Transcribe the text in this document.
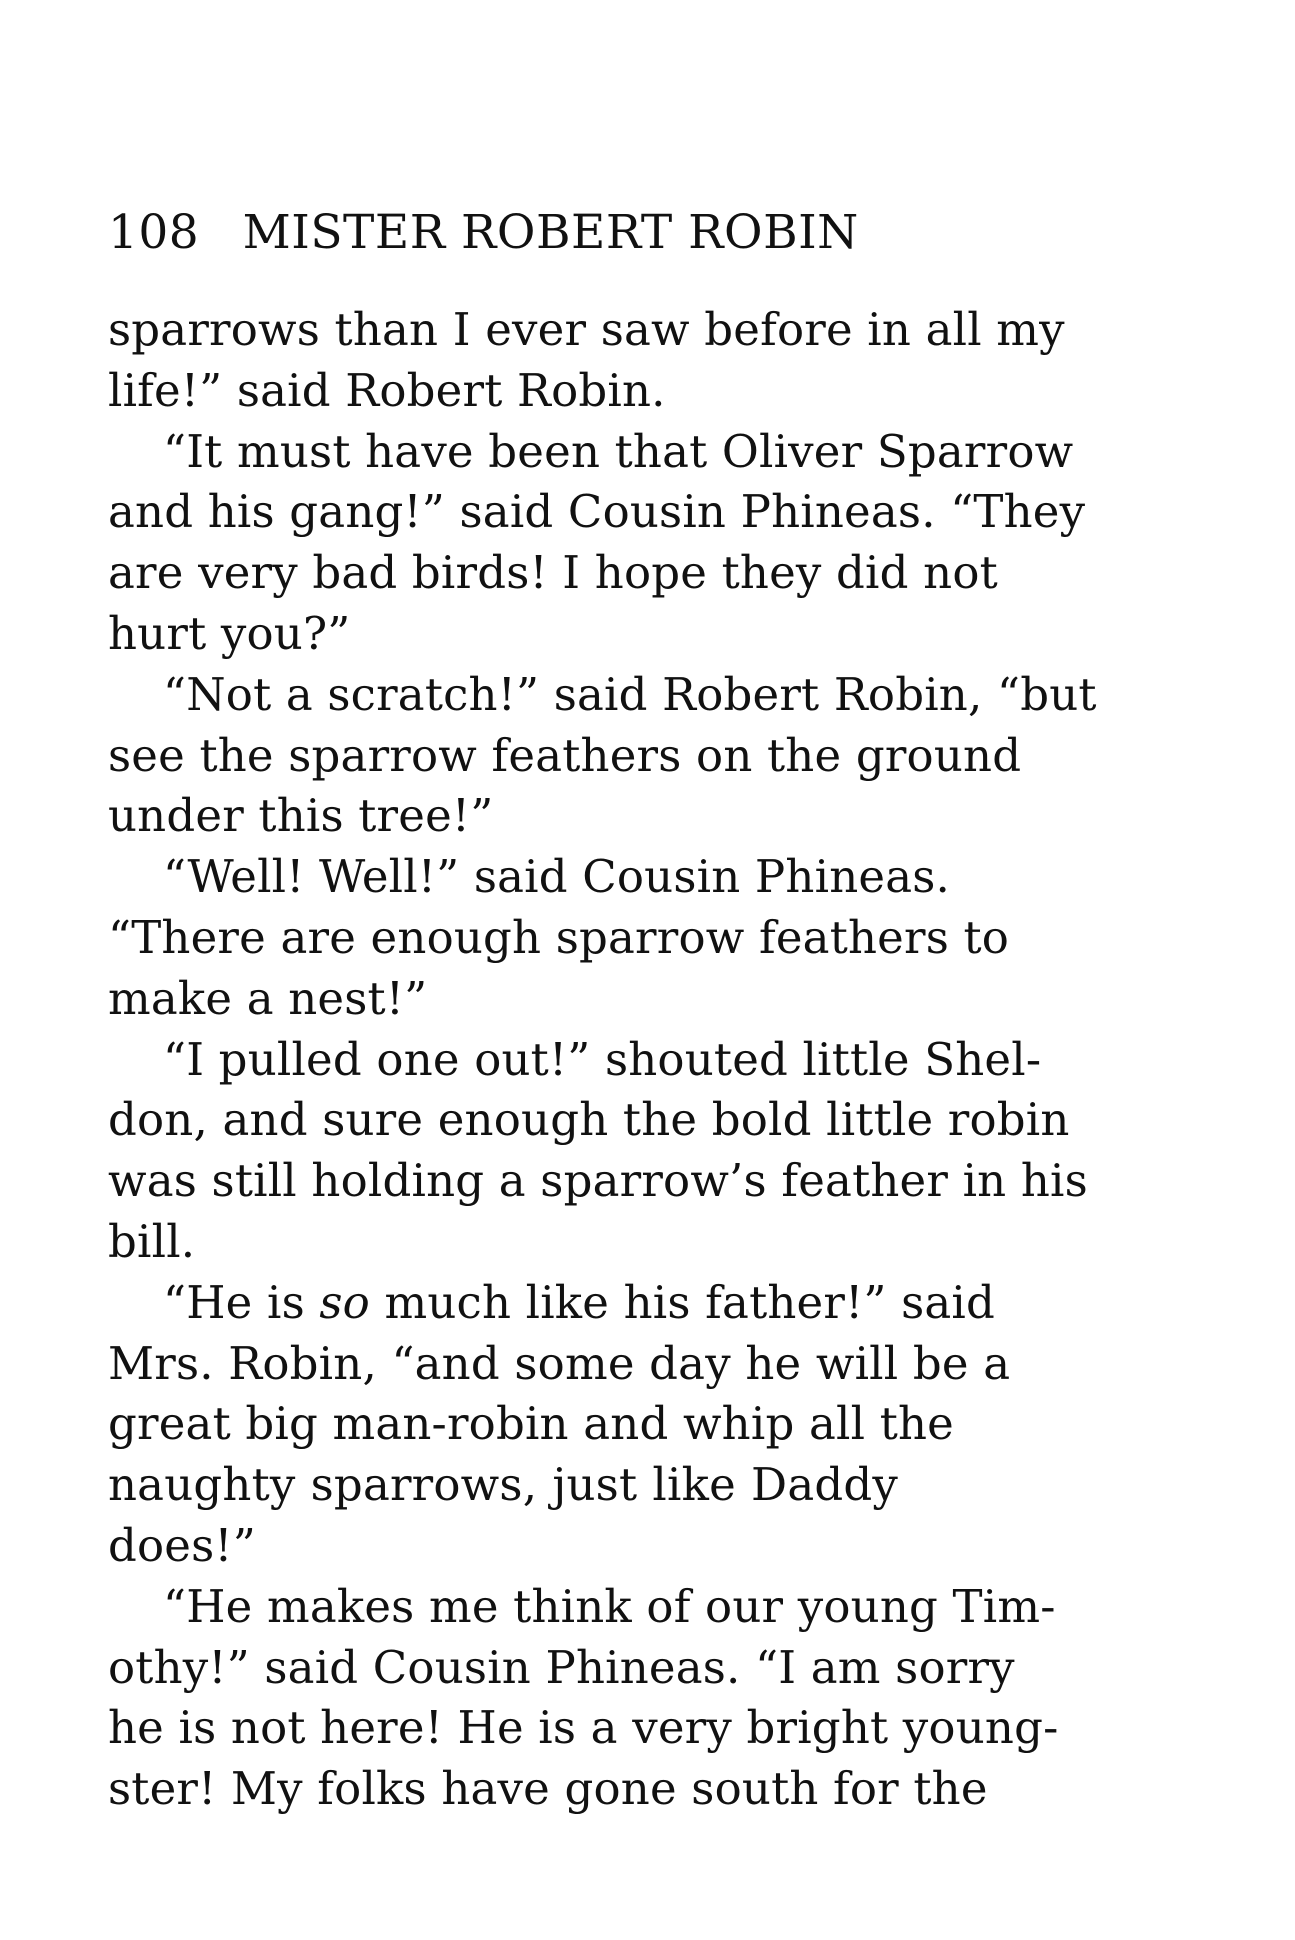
108 MISTER ROBERT ROBIN
sparrows than I ever saw before in all my
life!” said Robert Robin.
“It must have been that Oliver Sparrow
and his gang!” said Cousin Phineas. “They
are very bad birds! I hope they did not
hurt you?”
“Not a scratch!” said Robert Robin, “but
see the sparrow feathers on the ground
under this tree!”
“Well! Well!” said Cousin Phineas.
“There are enough sparrow feathers to
make a nest!”
“I pulled one out!” shouted little Shel-
don, and sure enough the bold little robin
was still holding a sparrow’s feather in his
bill.
“He is so much like his father!” said
Mrs. Robin, “and some day he will be a
great big man-robin and whip all the
naughty sparrows, just like Daddy
does!”
“He makes me think of our young Tim-
othy!” said Cousin Phineas. “I am sorry
he is not here! He is a very bright young-
ster! My folks have gone south for the
